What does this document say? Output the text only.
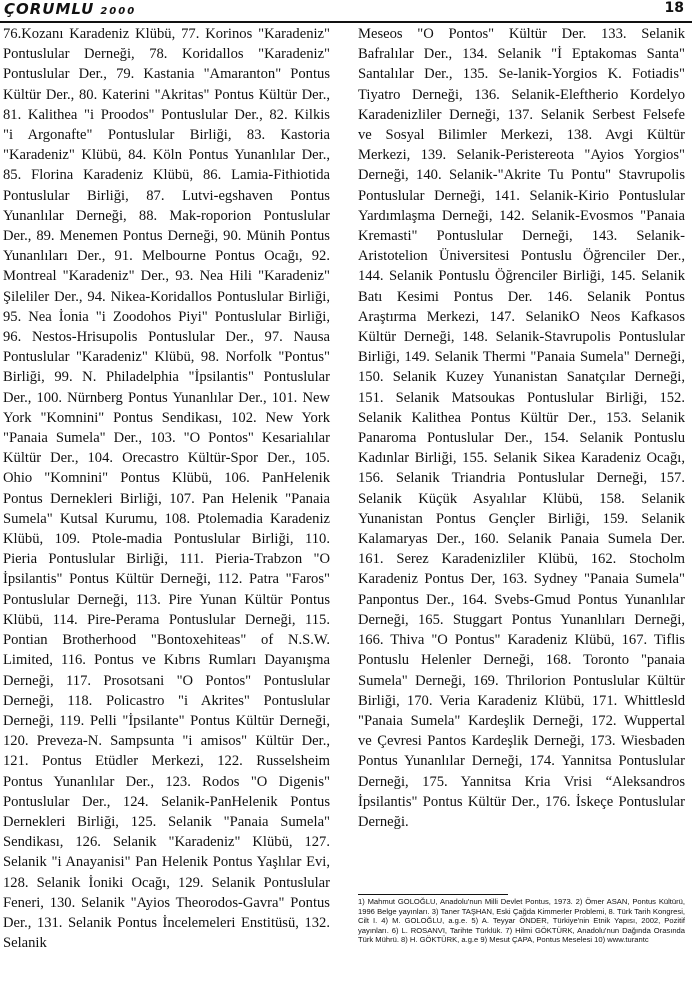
ÇORUMLU 2000	18
76.Kozanı Karadeniz Klübü, 77. Korinos "Karadeniz" Pontuslular Derneği, 78. Koridallos "Karadeniz" Pontuslular Der., 79. Kastania "Amaranton" Pontus Kültür Der., 80. Katerini "Akritas" Pontus Kültür Der., 81. Kalithea "i Proodos" Pontuslular Der., 82. Kilkis "i Argonafte" Pontuslular Birliği, 83. Kastoria "Karadeniz" Klübü, 84. Köln Pontus Yunanlılar Der., 85. Florina Karadeniz Klübü, 86. Lamia-Fithiotida Pontuslular Birliği, 87. Lutvi-egshaven Pontus Yunanlılar Derneği, 88. Mak-roporion Pontuslular Der., 89. Menemen Pontus Derneği, 90. Münih Pontus Yunanlıları Der., 91. Melbourne Pontus Ocağı, 92. Montreal "Karadeniz" Der., 93. Nea Hili "Karadeniz" Şileliler Der., 94. Nikea-Koridallos Pontuslular Birliği, 95. Nea İonia "i Zoodohos Piyi" Pontuslular Birliği, 96. Nestos-Hrisupolis Pontuslular Der., 97. Nausa Pontuslular "Karadeniz" Klübü, 98. Norfolk "Pontus" Birliği, 99. N. Philadelphia "İpsilantis" Pontuslular Der., 100. Nürnberg Pontus Yunanlılar Der., 101. New York "Komnini" Pontus Sendikası, 102. New York "Panaia Sumela" Der., 103. "O Pontos" Kesarialılar Kültür Der., 104. Orecastro Kültür-Spor Der., 105. Ohio "Komnini" Pontus Klübü, 106. PanHelenik Pontus Dernekleri Birliği, 107. Pan Helenik "Panaia Sumela" Kutsal Kurumu, 108. Ptolemadia Karadeniz Klübü, 109. Ptole-madia Pontuslular Birliği, 110. Pieria Pontuslular Birliği, 111. Pieria-Trabzon "O İpsilantis" Pontus Kültür Derneği, 112. Patra "Faros" Pontuslular Derneği, 113. Pire Yunan Kültür Pontus Klübü, 114. Pire-Perama Pontuslular Derneği, 115. Pontian Brotherhood "Bontoxehiteas" of N.S.W. Limited, 116. Pontus ve Kıbrıs Rumları Dayanışma Derneği, 117. Prosotsani "O Pontos" Pontuslular Derneği, 118. Policastro "i Akrites" Pontuslular Derneği, 119. Pelli "İpsilante" Pontus Kültür Derneği, 120. Preveza-N. Sampsunta "i amisos" Kültür Der., 121. Pontus Etüdler Merkezi, 122. Russelsheim Pontus Yunanlılar Der., 123. Rodos "O Digenis" Pontuslular Der., 124. Selanik-PanHelenik Pontus Dernekleri Birliği, 125. Selanik "Panaia Sumela" Sendikası, 126. Selanik "Karadeniz" Klübü, 127. Selanik "i Anayanisi" Pan Helenik Pontus Yaşlılar Evi, 128. Selanik İoniki Ocağı, 129. Selanik Pontuslular Feneri, 130. Selanik "Ayios Theorodos-Gavra" Pontus Der., 131. Selanik Pontus İncelemeleri Enstitüsü, 132. Selanik
Meseos "O Pontos" Kültür Der. 133. Selanik Bafralılar Der., 134. Selanik "İ Eptakomas Santa" Santalılar Der., 135. Se-lanik-Yorgios K. Fotiadis" Tiyatro Derneği, 136. Selanik-Eleftherio Kordelyo Karadenizliler Derneği, 137. Selanik Serbest Felsefe ve Sosyal Bilimler Merkezi, 138. Avgi Kültür Merkezi, 139. Selanik-Peristereota "Ayios Yorgios" Derneği, 140. Selanik-"Akrite Tu Pontu" Stavrupolis Pontuslular Derneği, 141. Selanik-Kirio Pontuslular Yardımlaşma Derneği, 142. Selanik-Evosmos "Panaia Kremasti" Pontuslular Derneği, 143. Selanik-Aristotelion Üniversitesi Pontuslu Öğrenciler Der., 144. Selanik Pontuslu Öğrenciler Birliği, 145. Selanik Batı Kesimi Pontus Der. 146. Selanik Pontus Araştırma Merkezi, 147. SelanikO Neos Kafkasos Kültür Derneği, 148. Selanik-Stavrupolis Pontuslular Birliği, 149. Selanik Thermi "Panaia Sumela" Derneği, 150. Selanik Kuzey Yunanistan Sanatçılar Derneği, 151. Selanik Matsoukas Pontuslular Birliği, 152. Selanik Kalithea Pontus Kültür Der., 153. Selanik Panaroma Pontuslular Der., 154. Selanik Pontuslu Kadınlar Birliği, 155. Selanik Sikea Karadeniz Ocağı, 156. Selanik Triandria Pontuslular Derneği, 157. Selanik Küçük Asyalılar Klübü, 158. Selanik Yunanistan Pontus Gençler Birliği, 159. Selanik Kalamaryas Der., 160. Selanik Panaia Sumela Der. 161. Serez Karadenizliler Klübü, 162. Stocholm Karadeniz Pontus Der, 163. Sydney "Panaia Sumela" Panpontus Der., 164. Svebs-Gmud Pontus Yunanlılar Derneği, 165. Stuggart Pontus Yunanlıları Derneği, 166. Thiva "O Pontus" Karadeniz Klübü, 167. Tiflis Pontuslu Helenler Derneği, 168. Toronto "panaia Sumela" Derneği, 169. Thrilorion Pontuslular Kültür Birliği, 170. Veria Karadeniz Klübü, 171. Whittlesld "Panaia Sumela" Kardeşlik Derneği, 172. Wuppertal ve Çevresi Pantos Kardeşlik Derneği, 173. Wiesbaden Pontus Yunanlılar Derneği, 174. Yannitsa Pontuslular Derneği, 175. Yannitsa Kria Vrisi “Aleksandros İpsilantis" Pontus Kültür Der., 176. İskeçe Pontuslular Derneği.
1) Mahmut GOLOĞLU, Anadolu'nun Milli Devlet Pontus, 1973. 2) Ömer ASAN, Pontus Kültürü, 1996 Belge yayınları. 3) Taner TAŞHAN, Eski Çağda Kimmerler Problemi, 8. Türk Tarih Kongresi, Cilt I. 4) M. GOLOĞLU, a.g.e. 5) A. Teyyar ÖNDER, Türkiye'nin Etnik Yapısı, 2002, Pozitif yayınları. 6) L. ROSANVI, Tarihte Türklük. 7) Hilmi GÖKTÜRK, Anadolu'nun Dağında Orasında Türk Mührü. 8) H. GÖKTÜRK, a.g.e 9) Mesut ÇAPA, Pontus Meselesi 10) www.turantc
